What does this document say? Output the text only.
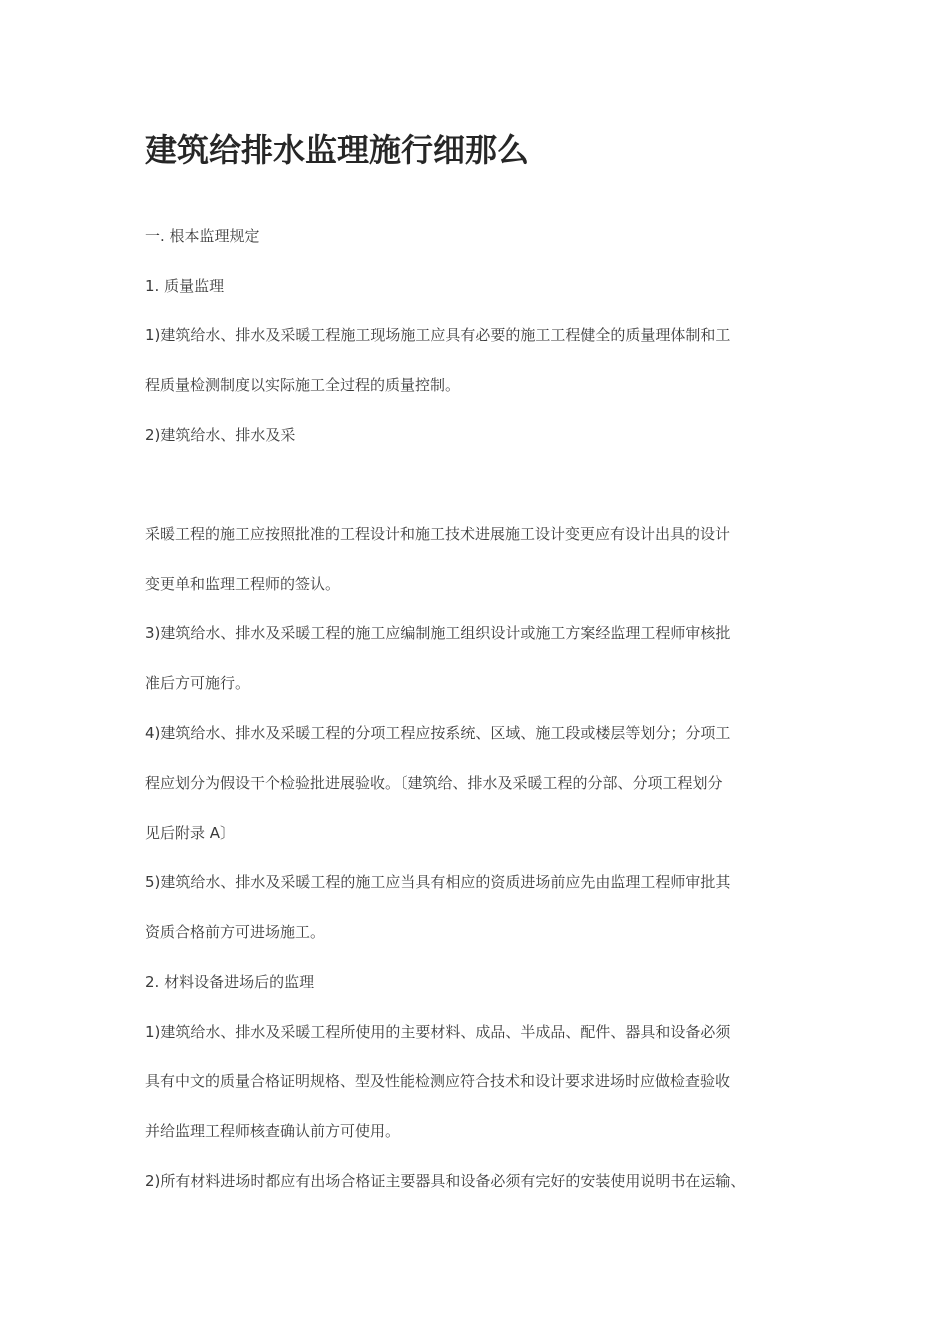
建筑给排水监理施行细那么

一. 根本监理规定

1. 质量监理

1)建筑给水、排水及采暖工程施工现场施工应具有必要的施工工程健全的质量理体制和工

程质量检测制度以实际施工全过程的质量控制。

2)建筑给水、排水及采

采暖工程的施工应按照批准的工程设计和施工技术进展施工设计变更应有设计出具的设计

变更单和监理工程师的签认。

3)建筑给水、排水及采暖工程的施工应编制施工组织设计或施工方案经监理工程师审核批

准后方可施行。

4)建筑给水、排水及采暖工程的分项工程应按系统、区域、施工段或楼层等划分；分项工

程应划分为假设干个检验批进展验收。〔建筑给、排水及采暖工程的分部、分项工程划分

见后附录 A〕

5)建筑给水、排水及采暖工程的施工应当具有相应的资质进场前应先由监理工程师审批其

资质合格前方可进场施工。

2. 材料设备进场后的监理

1)建筑给水、排水及采暖工程所使用的主要材料、成品、半成品、配件、器具和设备必须

具有中文的质量合格证明规格、型及性能检测应符合技术和设计要求进场时应做检查验收

并给监理工程师核查确认前方可使用。

2)所有材料进场时都应有出场合格证主要器具和设备必须有完好的安装使用说明书在运输、
